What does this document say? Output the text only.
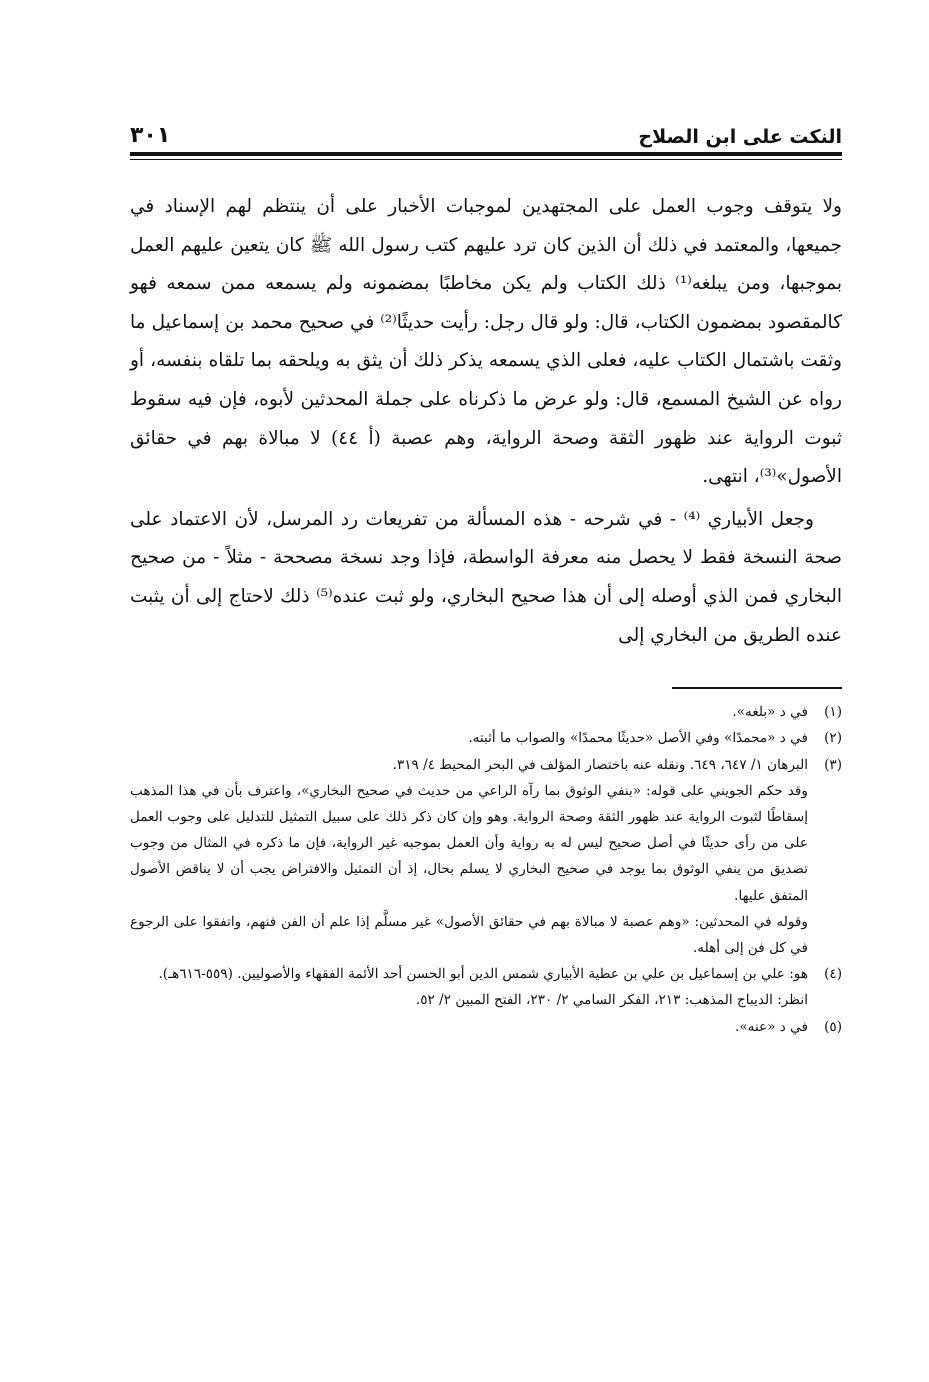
النكت على ابن الصلاح
٣٠١

ولا يتوقف وجوب العمل على المجتهدين لموجبات الأخبار على أن ينتظم لهم الإسناد في جميعها، والمعتمد في ذلك أن الذين كان ترد عليهم كتب رسول الله ﷺ كان يتعين عليهم العمل بموجبها، ومن يبلغه⁽¹⁾ ذلك الكتاب ولم يكن مخاطبًا بمضمونه ولم يسمعه ممن سمعه فهو كالمقصود بمضمون الكتاب، قال: ولو قال رجل: رأيت حديثًا⁽²⁾ في صحيح محمد بن إسماعيل ما وثقت باشتمال الكتاب عليه، فعلى الذي يسمعه يذكر ذلك أن يثق به ويلحقه بما تلقاه بنفسه، أو رواه عن الشيخ المسمع، قال: ولو عرض ما ذكرناه على جملة المحدثين لأبوه، فإن فيه سقوط ثبوت الرواية عند ظهور الثقة وصحة الرواية، وهم عصبة (أ ٤٤) لا مبالاة بهم في حقائق الأصول»⁽³⁾، انتهى.

وجعل الأبياري ⁽⁴⁾ - في شرحه - هذه المسألة من تفريعات رد المرسل، لأن الاعتماد على صحة النسخة فقط لا يحصل منه معرفة الواسطة، فإذا وجد نسخة مصححة - مثلاً - من صحيح البخاري فمن الذي أوصله إلى أن هذا صحيح البخاري، ولو ثبت عنده⁽⁵⁾ ذلك لاحتاج إلى أن يثبت عنده الطريق من البخاري إلى

(١)
في د «بلغه».
(٢)
في د «محمدًا» وفي الأصل «حديثًا محمدًا» والصواب ما أثبته.
(٣)
البرهان ١/ ٦٤٧، ٦٤٩. ونقله عنه باختصار المؤلف في البحر المحيط ٤/ ٣١٩.
وقد حكم الجويني على قوله: «بنفي الوثوق بما رآه الراعي من حديث في صحيح البخاري»، واعترف بأن في هذا المذهب إسقاطًا لثبوت الرواية عند ظهور الثقة وصحة الرواية. وهو وإن كان ذكر ذلك على سبيل التمثيل للتدليل على وجوب العمل على من رأى حديثًا في أصل صحيح ليس له به رواية وأن العمل بموجبه غير الرواية، فإن ما ذكره في المثال من وجوب تصديق من ينفي الوثوق بما يوجد في صحيح البخاري لا يسلم بحال، إذ أن التمثيل والافتراض يجب أن لا يناقض الأصول المتفق عليها.
وقوله في المحدثين: «وهم عصبة لا مبالاة بهم في حقائق الأصول» غير مسلَّم إذا علم أن الفن فنهم، واتفقوا على الرجوع في كل فن إلى أهله.
(٤)
هو: علي بن إسماعيل بن علي بن عطية الأبياري شمس الدين أبو الحسن أحد الأئمة الفقهاء والأصوليين. (٥٥٩-٦١٦هـ).
انظر: الديباج المذهب: ٢١٣، الفكر السامي ٢/ ٢٣٠، الفتح المبين ٢/ ٥٢.
(٥)
في د «عنه».
